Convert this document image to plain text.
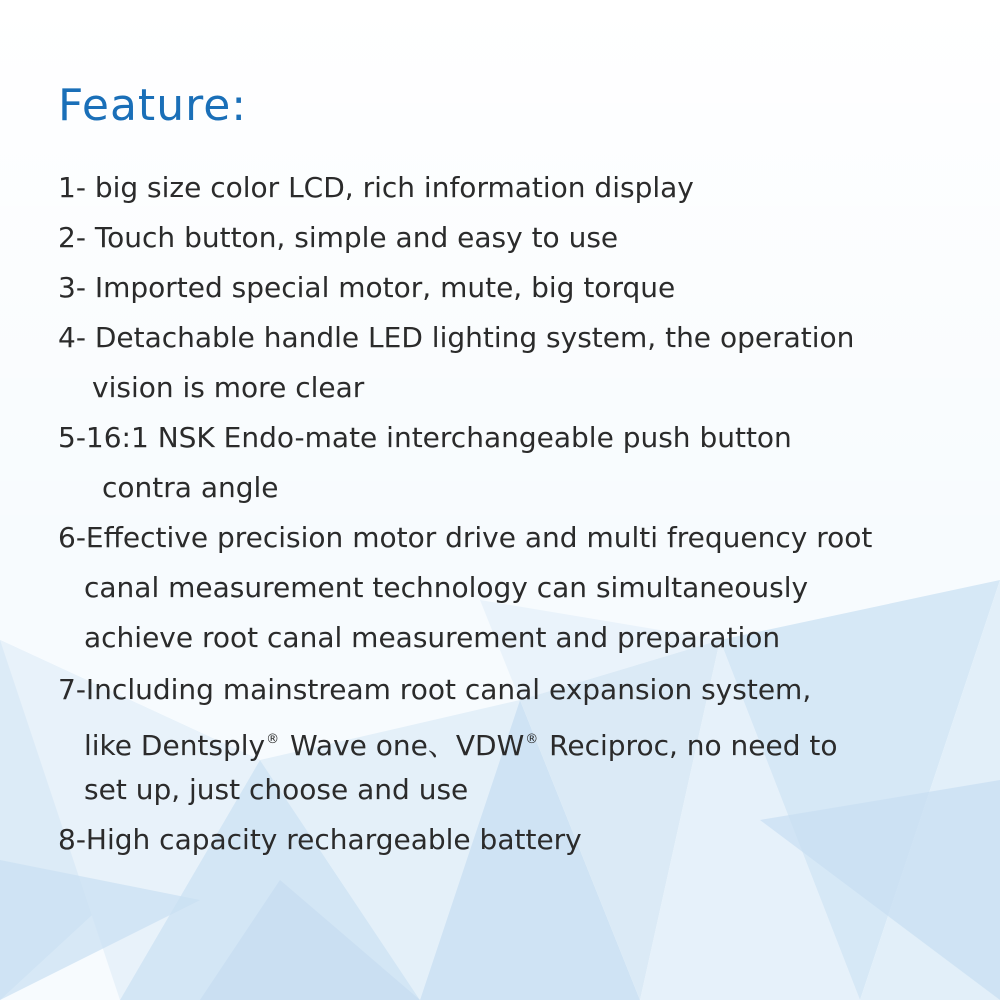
Feature:

1- big size color LCD, rich information display

2- Touch button, simple and easy to use

3- Imported special motor, mute, big torque

4- Detachable handle LED lighting system, the operation

vision is more clear

5-16:1 NSK Endo-mate interchangeable push button

contra angle

6-Effective precision motor drive and multi frequency root

canal measurement technology can simultaneously

achieve root canal measurement and preparation

7-Including mainstream root canal expansion system,

like Dentsply® Wave one、VDW® Reciproc, no need to

set up, just choose and use

8-High capacity rechargeable battery
